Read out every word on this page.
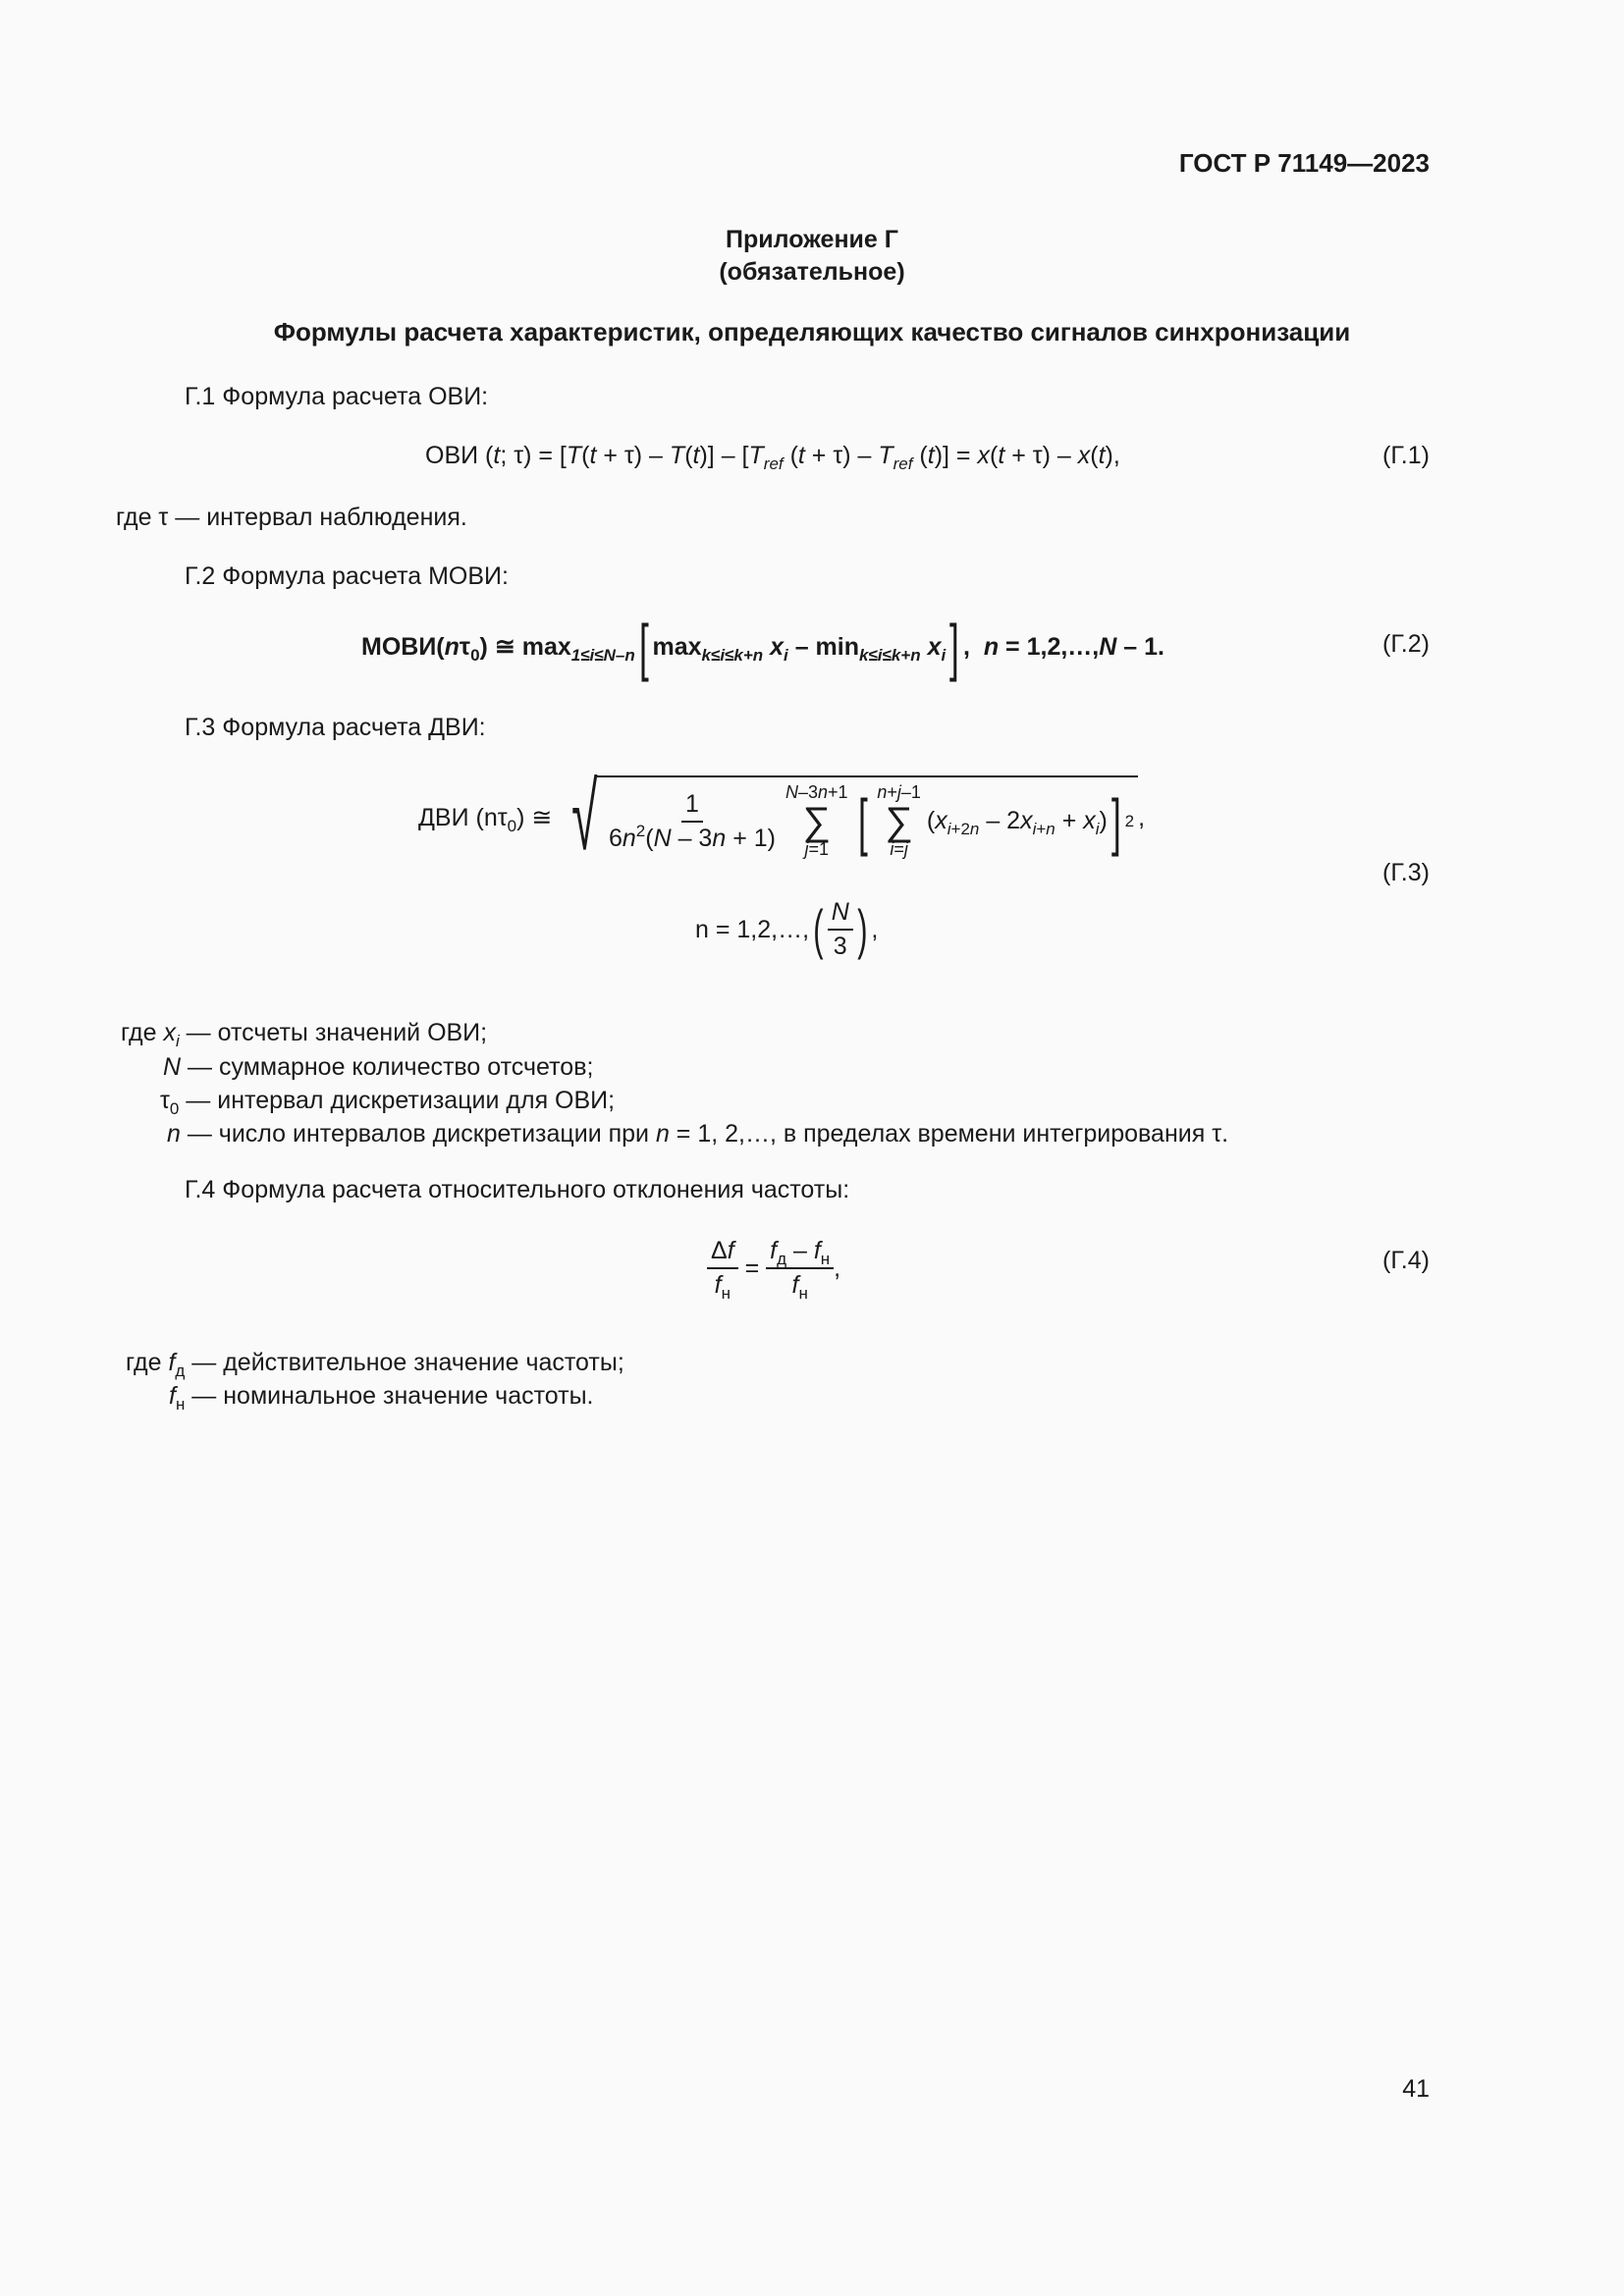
ГОСТ Р 71149—2023
Приложение Г
(обязательное)
Формулы расчета характеристик, определяющих качество сигналов синхронизации
Г.1 Формула расчета ОВИ:
ОВИ (t; $\tau) = [T(t + \tau) - T(t)] - [T_{ref}$ $(t + \tau) - T_{ref}$ (t)] = x(t + τ) – x(t),	(Г.1)
где τ — интервал наблюдения.
Г.2 Формула расчета МОВИ:
МОВИ $(n\tau_0)$ ≅ $\max_{1\le i\le N-n}$ [ $\max_{k\le i\le k+n} x_i - \min_{k\le i\le k+n} x_i$ ] , n = 1,2,…,N – 1.	(Г.2)
Г.3 Формула расчета ДВИ:
ДВИ $(n\tau_0)$ ≅ √ $\frac{1}{6n^2(N - 3n + 1)} N-3n+1$
∑
j=1 [ n+j–1
∑
i=j
$(x_{i+2n} - 2x_{i+n} + x_i)$ ] 2 ,
(Г.3)
n = 1,2,…, ( $\frac{N}{3}$ ) ,
где $x_i$ — отсчеты значений ОВИ;
N — суммарное количество отсчетов;
$\tau_0$ — интервал дискретизации для ОВИ;
n — число интервалов дискретизации при n = 1, 2,…, в пределах времени интегрирования τ.
Г.4 Формула расчета относительного отклонения частоты:
$\frac{\Delta f}{f_н} = \frac{f_д - f_н}{f_н}$ ,	(Г.4)
где $f_д$ — действительное значение частоты;
$f_н$ — номинальное значение частоты.
41
